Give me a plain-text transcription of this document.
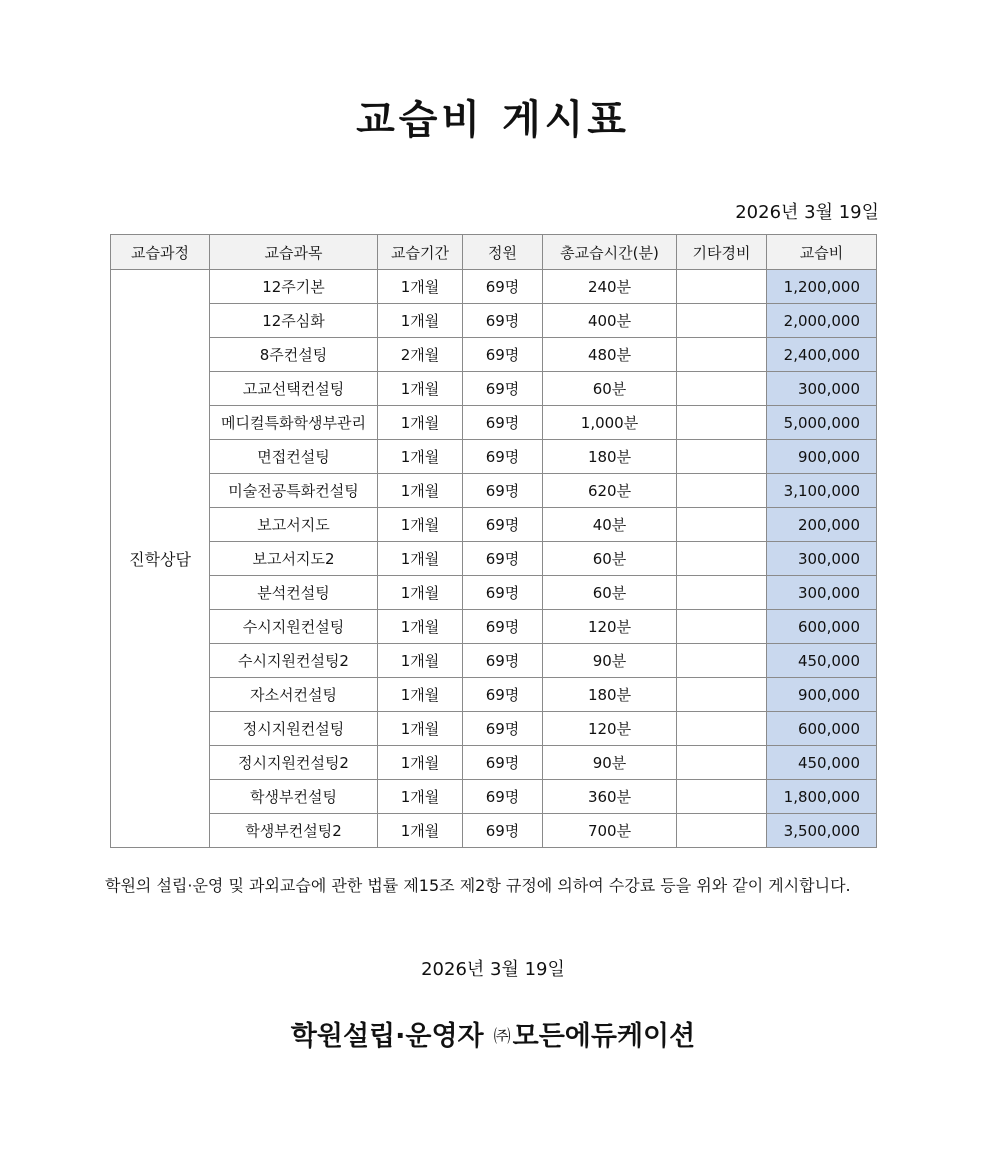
교습비 게시표
2026년 3월 19일
교습과정	교습과목	교습기간	정원	총교습시간(분)	기타경비	교습비
진학상담	12주기본	1개월	69명	240분		1,200,000
	12주심화	1개월	69명	400분		2,000,000
	8주컨설팅	2개월	69명	480분		2,400,000
	고교선택컨설팅	1개월	69명	60분		300,000
	메디컬특화학생부관리	1개월	69명	1,000분		5,000,000
	면접컨설팅	1개월	69명	180분		900,000
	미술전공특화컨설팅	1개월	69명	620분		3,100,000
	보고서지도	1개월	69명	40분		200,000
	보고서지도2	1개월	69명	60분		300,000
	분석컨설팅	1개월	69명	60분		300,000
	수시지원컨설팅	1개월	69명	120분		600,000
	수시지원컨설팅2	1개월	69명	90분		450,000
	자소서컨설팅	1개월	69명	180분		900,000
	정시지원컨설팅	1개월	69명	120분		600,000
	정시지원컨설팅2	1개월	69명	90분		450,000
	학생부컨설팅	1개월	69명	360분		1,800,000
	학생부컨설팅2	1개월	69명	700분		3,500,000
학원의 설립·운영 및 과외교습에 관한 법률 제15조 제2항 규정에 의하여 수강료 등을 위와 같이 게시합니다.
2026년 3월 19일
학원설립·운영자 ㈜모든에듀케이션
